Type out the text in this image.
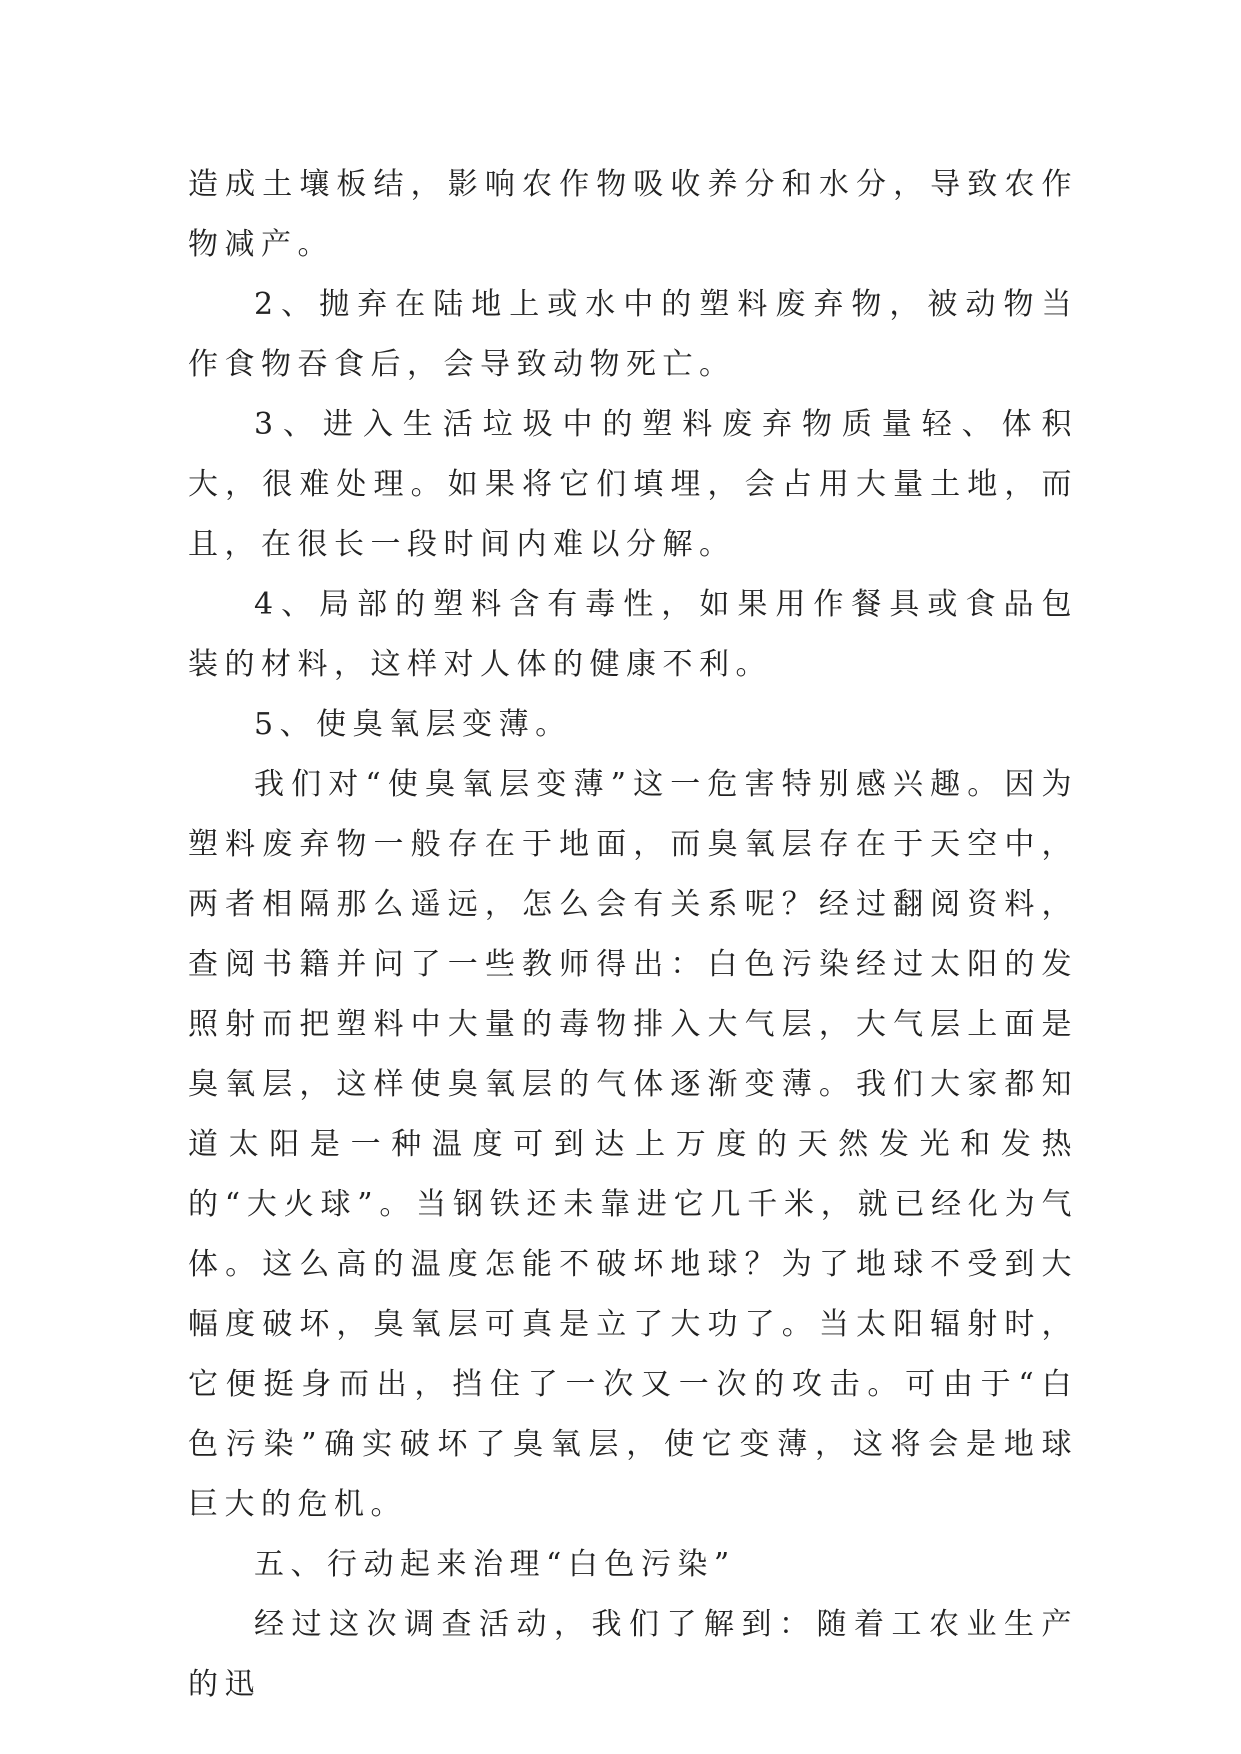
造成土壤板结，影响农作物吸收养分和水分，导致农作物减产。

2、抛弃在陆地上或水中的塑料废弃物，被动物当作食物吞食后，会导致动物死亡。

3、进入生活垃圾中的塑料废弃物质量轻、体积大，很难处理。如果将它们填埋，会占用大量土地，而且，在很长一段时间内难以分解。

4、局部的塑料含有毒性，如果用作餐具或食品包装的材料，这样对人体的健康不利。

5、使臭氧层变薄。

我们对“使臭氧层变薄”这一危害特别感兴趣。因为塑料废弃物一般存在于地面，而臭氧层存在于天空中，两者相隔那么遥远，怎么会有关系呢？经过翻阅资料，查阅书籍并问了一些教师得出：白色污染经过太阳的发照射而把塑料中大量的毒物排入大气层，大气层上面是臭氧层，这样使臭氧层的气体逐渐变薄。我们大家都知道太阳是一种温度可到达上万度的天然发光和发热的“大火球”。当钢铁还未靠进它几千米，就已经化为气体。这么高的温度怎能不破坏地球？为了地球不受到大幅度破坏，臭氧层可真是立了大功了。当太阳辐射时，它便挺身而出，挡住了一次又一次的攻击。可由于“白色污染”确实破坏了臭氧层，使它变薄，这将会是地球巨大的危机。

五、行动起来治理“白色污染”

经过这次调查活动，我们了解到：随着工农业生产的迅
